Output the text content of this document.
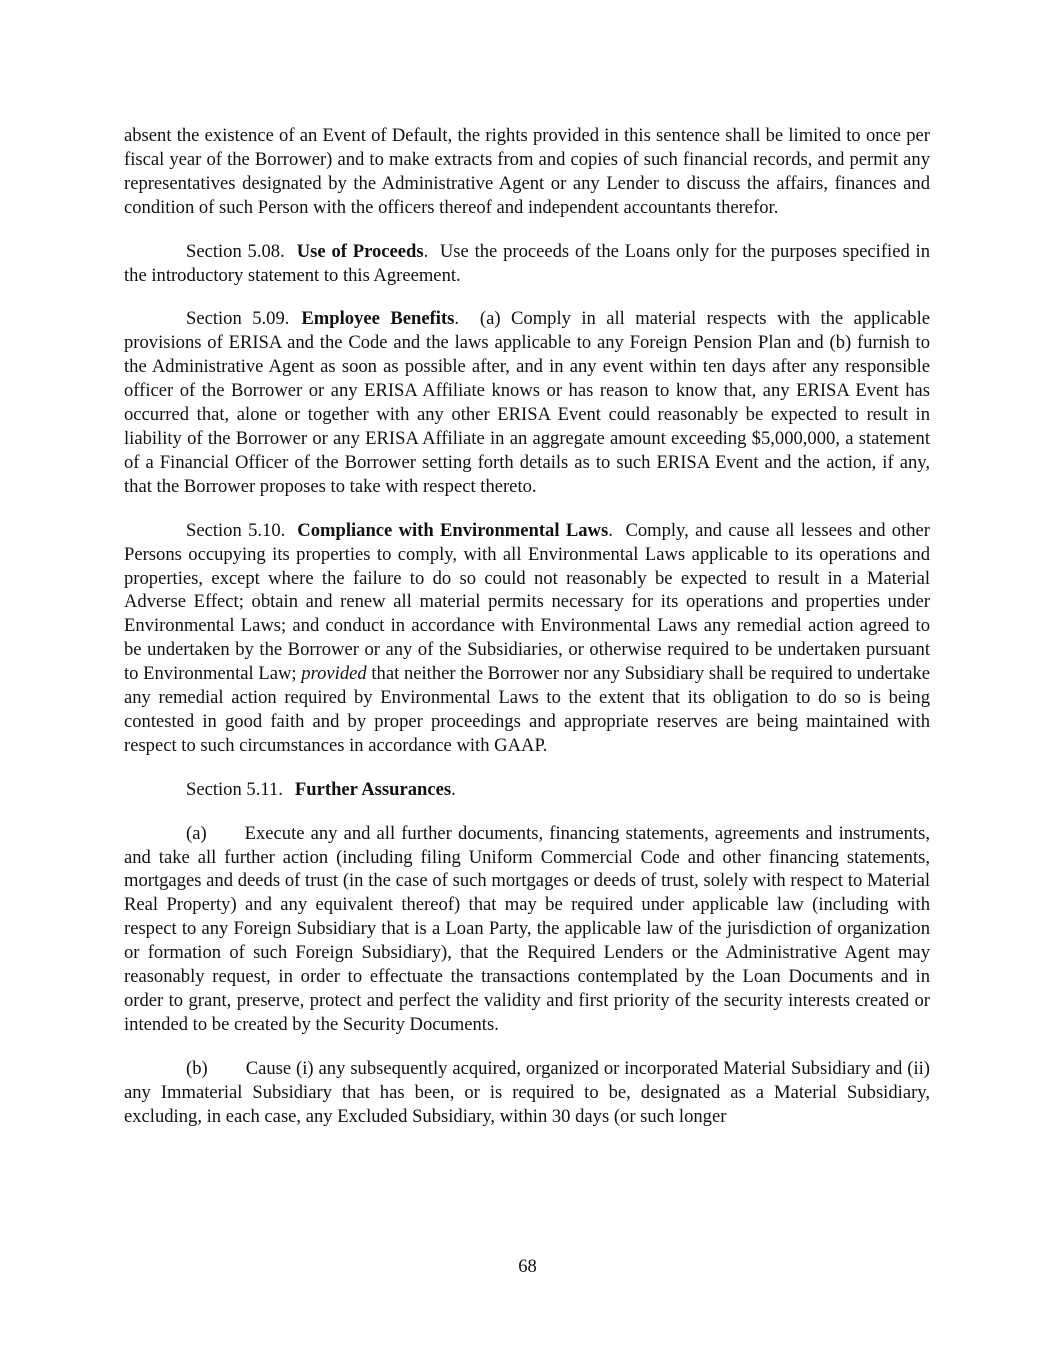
absent the existence of an Event of Default, the rights provided in this sentence shall be limited to once per fiscal year of the Borrower) and to make extracts from and copies of such financial records, and permit any representatives designated by the Administrative Agent or any Lender to discuss the affairs, finances and condition of such Person with the officers thereof and independent accountants therefor.

Section 5.08. Use of Proceeds.  Use the proceeds of the Loans only for the purposes specified in the introductory statement to this Agreement.

Section 5.09. Employee Benefits.  (a) Comply in all material respects with the applicable provisions of ERISA and the Code and the laws applicable to any Foreign Pension Plan and (b) furnish to the Administrative Agent as soon as possible after, and in any event within ten days after any responsible officer of the Borrower or any ERISA Affiliate knows or has reason to know that, any ERISA Event has occurred that, alone or together with any other ERISA Event could reasonably be expected to result in liability of the Borrower or any ERISA Affiliate in an aggregate amount exceeding $5,000,000, a statement of a Financial Officer of the Borrower setting forth details as to such ERISA Event and the action, if any, that the Borrower proposes to take with respect thereto.

Section 5.10. Compliance with Environmental Laws.  Comply, and cause all lessees and other Persons occupying its properties to comply, with all Environmental Laws applicable to its operations and properties, except where the failure to do so could not reasonably be expected to result in a Material Adverse Effect; obtain and renew all material permits necessary for its operations and properties under Environmental Laws; and conduct in accordance with Environmental Laws any remedial action agreed to be undertaken by the Borrower or any of the Subsidiaries, or otherwise required to be undertaken pursuant to Environmental Law; provided that neither the Borrower nor any Subsidiary shall be required to undertake any remedial action required by Environmental Laws to the extent that its obligation to do so is being contested in good faith and by proper proceedings and appropriate reserves are being maintained with respect to such circumstances in accordance with GAAP.

Section 5.11. Further Assurances.

(a) Execute any and all further documents, financing statements, agreements and instruments, and take all further action (including filing Uniform Commercial Code and other financing statements, mortgages and deeds of trust (in the case of such mortgages or deeds of trust, solely with respect to Material Real Property) and any equivalent thereof) that may be required under applicable law (including with respect to any Foreign Subsidiary that is a Loan Party, the applicable law of the jurisdiction of organization or formation of such Foreign Subsidiary), that the Required Lenders or the Administrative Agent may reasonably request, in order to effectuate the transactions contemplated by the Loan Documents and in order to grant, preserve, protect and perfect the validity and first priority of the security interests created or intended to be created by the Security Documents.

(b) Cause (i) any subsequently acquired, organized or incorporated Material Subsidiary and (ii) any Immaterial Subsidiary that has been, or is required to be, designated as a Material Subsidiary, excluding, in each case, any Excluded Subsidiary, within 30 days (or such longer

68
